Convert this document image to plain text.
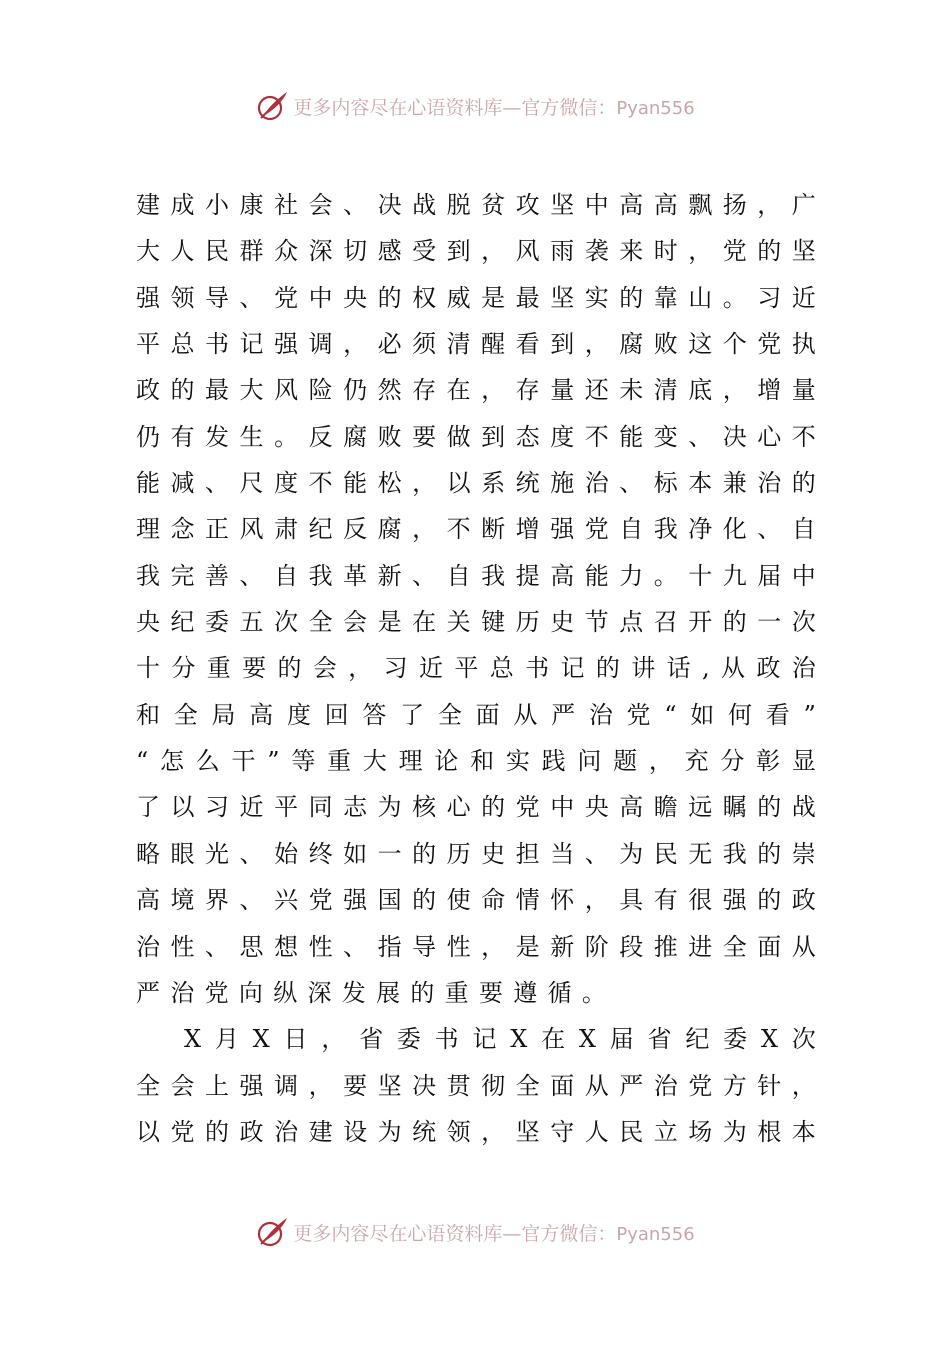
更多内容尽在心语资料库—官方微信：Pyan556
建 成 小 康 社 会 、 决 战 脱 贫 攻 坚 中 高 高 飘 扬 ， 广
大 人 民 群 众 深 切 感 受 到 ， 风 雨 袭 来 时 ， 党 的 坚
强 领 导 、 党 中 央 的 权 威 是 最 坚 实 的 靠 山 。 习 近
平 总 书 记 强 调 ， 必 须 清 醒 看 到 ， 腐 败 这 个 党 执
政 的 最 大 风 险 仍 然 存 在 ， 存 量 还 未 清 底 ， 增 量
仍 有 发 生 。 反 腐 败 要 做 到 态 度 不 能 变 、 决 心 不
能 减 、 尺 度 不 能 松 ， 以 系 统 施 治 、 标 本 兼 治 的
理 念 正 风 肃 纪 反 腐 ， 不 断 增 强 党 自 我 净 化 、 自
我 完 善 、 自 我 革 新 、 自 我 提 高 能 力 。 十 九 届 中
央 纪 委 五 次 全 会 是 在 关 键 历 史 节 点 召 开 的 一 次
十 分 重 要 的 会 ， 习 近 平 总 书 记 的 讲 话 , 从 政 治
和 全 局 高 度 回 答 了 全 面 从 严 治 党 “ 如 何 看 ”
“ 怎 么 干 ” 等 重 大 理 论 和 实 践 问 题 ， 充 分 彰 显
了 以 习 近 平 同 志 为 核 心 的 党 中 央 高 瞻 远 瞩 的 战
略 眼 光 、 始 终 如 一 的 历 史 担 当 、 为 民 无 我 的 崇
高 境 界 、 兴 党 强 国 的 使 命 情 怀 ， 具 有 很 强 的 政
治 性 、 思 想 性 、 指 导 性 ， 是 新 阶 段 推 进 全 面 从
严 治 党 向 纵 深 发 展 的 重 要 遵 循 。
X 月 X 日 ， 省 委 书 记 X 在 X 届 省 纪 委 X 次
全 会 上 强 调 ， 要 坚 决 贯 彻 全 面 从 严 治 党 方 针 ，
以 党 的 政 治 建 设 为 统 领 ， 坚 守 人 民 立 场 为 根 本
更多内容尽在心语资料库—官方微信：Pyan556
